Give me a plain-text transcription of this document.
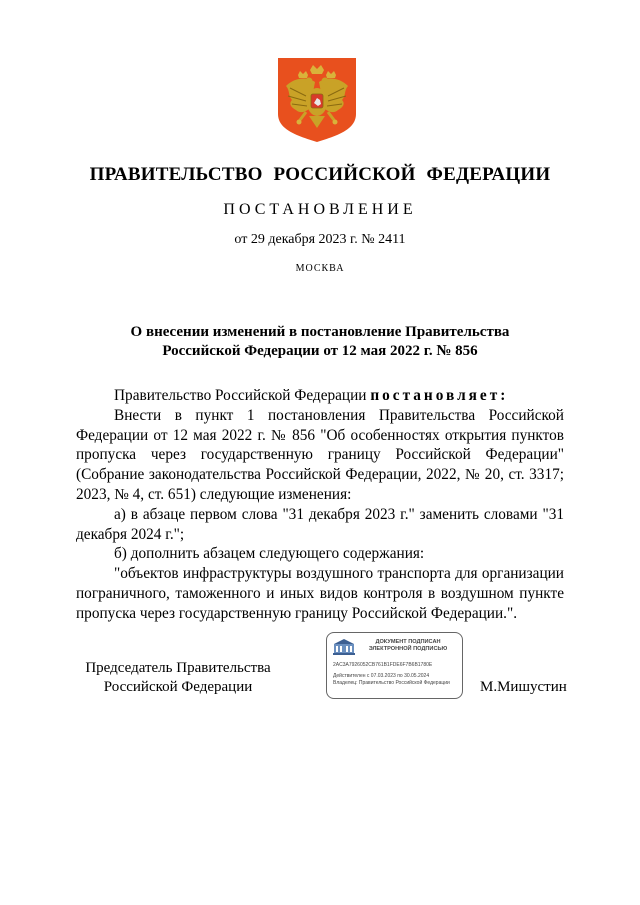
ПРАВИТЕЛЬСТВО РОССИЙСКОЙ ФЕДЕРАЦИИ
ПОСТАНОВЛЕНИЕ
от 29 декабря 2023 г. № 2411
МОСКВА
О внесении изменений в постановление Правительства
Российской Федерации от 12 мая 2022 г. № 856

Правительство Российской Федерации постановляет:

Внести в пункт 1 постановления Правительства Российской Федерации от 12 мая 2022 г. № 856 "Об особенностях открытия пунктов пропуска через государственную границу Российской Федерации" (Собрание законодательства Российской Федерации, 2022, № 20, ст. 3317; 2023, № 4, ст. 651) следующие изменения:

а) в абзаце первом слова "31 декабря 2023 г." заменить словами "31 декабря 2024 г.";

б) дополнить абзацем следующего содержания:

"объектов инфраструктуры воздушного транспорта для организации пограничного, таможенного и иных видов контроля в воздушном пункте пропуска через государственную границу Российской Федерации.".

Председатель Правительства
Российской Федерации
ДОКУМЕНТ ПОДПИСАН
ЭЛЕКТРОННОЙ ПОДПИСЬЮ
2AC3A7926052CB761B1FDE6F7B6B1780E
Действителен с 07.03.2023 по 30.05.2024
Владелец: Правительство Российской Федерации М.Мишустин
